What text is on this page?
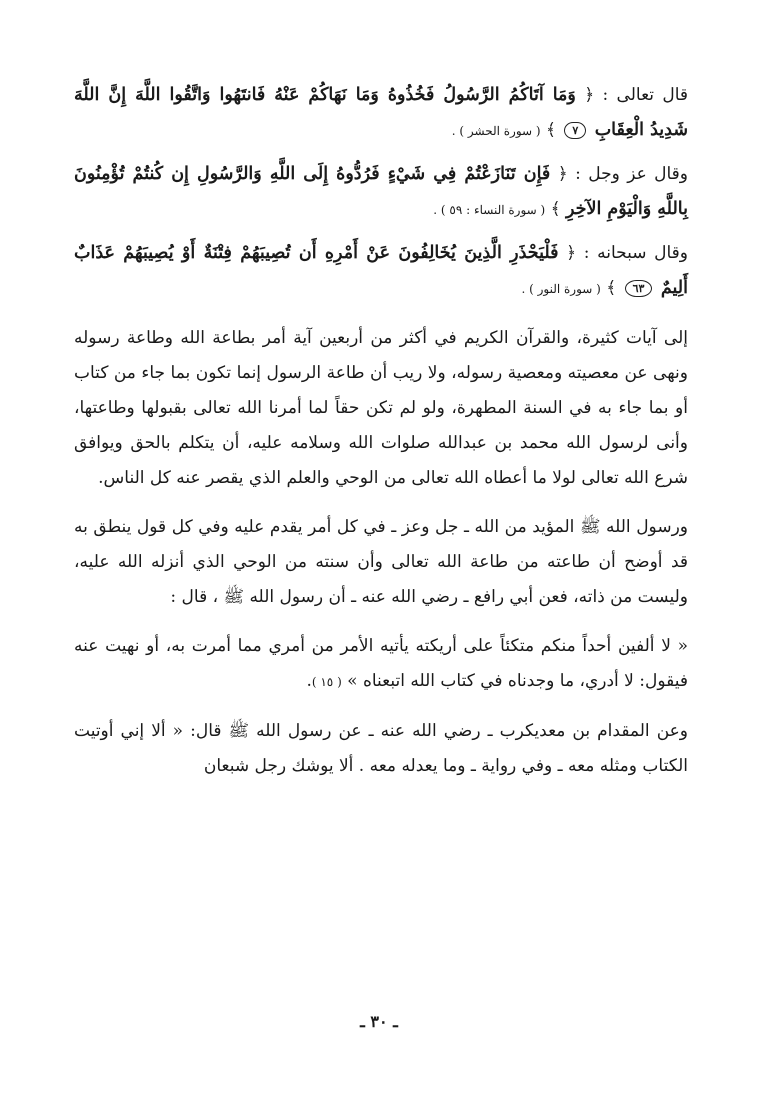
قال تعالى : ﴿ وَمَا آتَاكُمُ الرَّسُولُ فَخُذُوهُ وَمَا نَهَاكُمْ عَنْهُ فَانتَهُوا وَاتَّقُوا اللَّهَ إِنَّ اللَّهَ شَدِيدُ الْعِقَابِ ٧ ﴾ ( سورة الحشر ) .

وقال عز وجل : ﴿ فَإِن تَنَازَعْتُمْ فِي شَيْءٍ فَرُدُّوهُ إِلَى اللَّهِ وَالرَّسُولِ إِن كُنتُمْ تُؤْمِنُونَ بِاللَّهِ وَالْيَوْمِ الآخِرِ ﴾ ( سورة النساء : ٥٩ ) .

وقال سبحانه : ﴿ فَلْيَحْذَرِ الَّذِينَ يُخَالِفُونَ عَنْ أَمْرِهِ أَن تُصِيبَهُمْ فِتْنَةٌ أَوْ يُصِيبَهُمْ عَذَابٌ أَلِيمٌ ٦٣ ﴾ ( سورة النور ) .

إلى آيات كثيرة، والقرآن الكريم في أكثر من أربعين آية أمر بطاعة الله وطاعة رسوله ونهى عن معصيته ومعصية رسوله، ولا ريب أن طاعة الرسول إنما تكون بما جاء من كتاب أو بما جاء به في السنة المطهرة، ولو لم تكن حقاً لما أمرنا الله تعالى بقبولها وطاعتها، وأنى لرسول الله محمد بن عبدالله صلوات الله وسلامه عليه، أن يتكلم بالحق ويوافق شرع الله تعالى لولا ما أعطاه الله تعالى من الوحي والعلم الذي يقصر عنه كل الناس.

ورسول الله ﷺ المؤيد من الله ـ جل وعز ـ في كل أمر يقدم عليه وفي كل قول ينطق به قد أوضح أن طاعته من طاعة الله تعالى وأن سنته من الوحي الذي أنزله الله عليه، وليست من ذاته، فعن أبي رافع ـ رضي الله عنه ـ أن رسول الله ﷺ ، قال :

« لا ألفين أحداً منكم متكئاً على أريكته يأتيه الأمر من أمري مما أمرت به، أو نهيت عنه فيقول: لا أدري، ما وجدناه في كتاب الله اتبعناه » ( ١٥ ).

وعن المقدام بن معديكرب ـ رضي الله عنه ـ عن رسول الله ﷺ قال: « ألا إني أوتيت الكتاب ومثله معه ـ وفي رواية ـ وما يعدله معه . ألا يوشك رجل شبعان

ـ ٣٠ ـ
